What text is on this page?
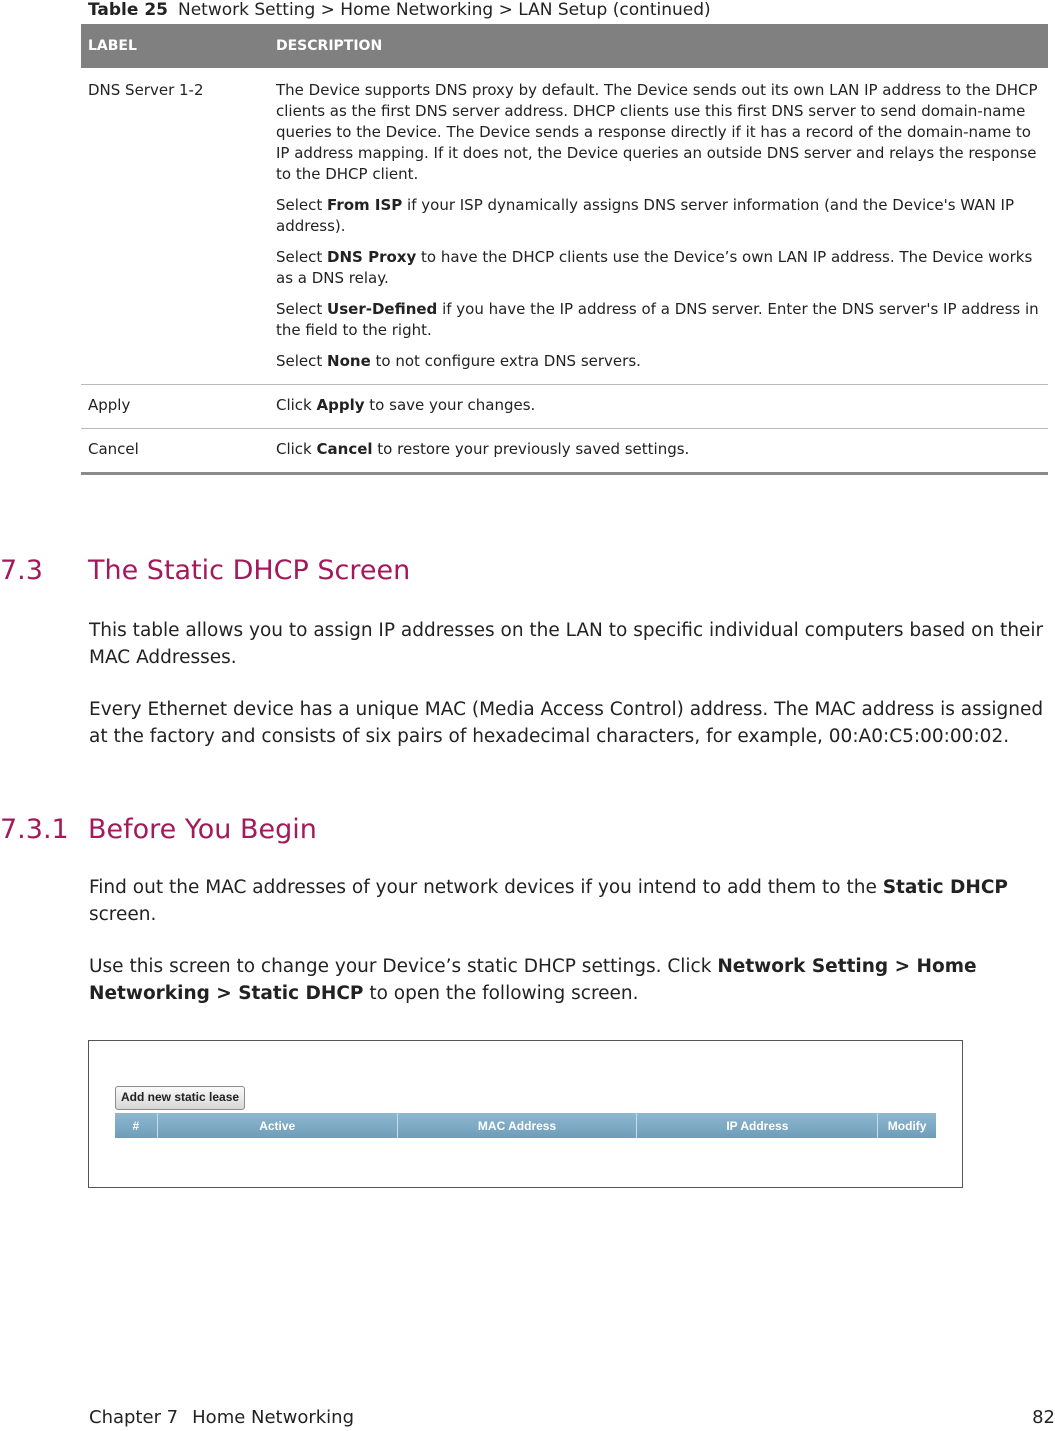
Table 25 Network Setting > Home Networking > LAN Setup (continued)
LABEL	DESCRIPTION
DNS Server 1-2	The Device supports DNS proxy by default. The Device sends out its own LAN IP address to the DHCP clients as the first DNS server address. DHCP clients use this first DNS server to send domain-name queries to the Device. The Device sends a response directly if it has a record of the domain-name to IP address mapping. If it does not, the Device queries an outside DNS server and relays the response to the DHCP client.

Select From ISP if your ISP dynamically assigns DNS server information (and the Device's WAN IP address).

Select DNS Proxy to have the DHCP clients use the Device’s own LAN IP address. The Device works as a DNS relay.

Select User-Defined if you have the IP address of a DNS server. Enter the DNS server's IP address in the field to the right.

Select None to not configure extra DNS servers.

Apply	Click Apply to save your changes.

Cancel	Click Cancel to restore your previously saved settings.

7.3 The Static DHCP Screen

This table allows you to assign IP addresses on the LAN to specific individual computers based on their MAC Addresses.

Every Ethernet device has a unique MAC (Media Access Control) address. The MAC address is assigned at the factory and consists of six pairs of hexadecimal characters, for example, 00:A0:C5:00:00:02.

7.3.1 Before You Begin

Find out the MAC addresses of your network devices if you intend to add them to the Static DHCP screen.

Use this screen to change your Device’s static DHCP settings. Click Network Setting > Home Networking > Static DHCP to open the following screen.

Add new static lease
#	Active	MAC Address	IP Address	Modify
Chapter 7 Home Networking	82
